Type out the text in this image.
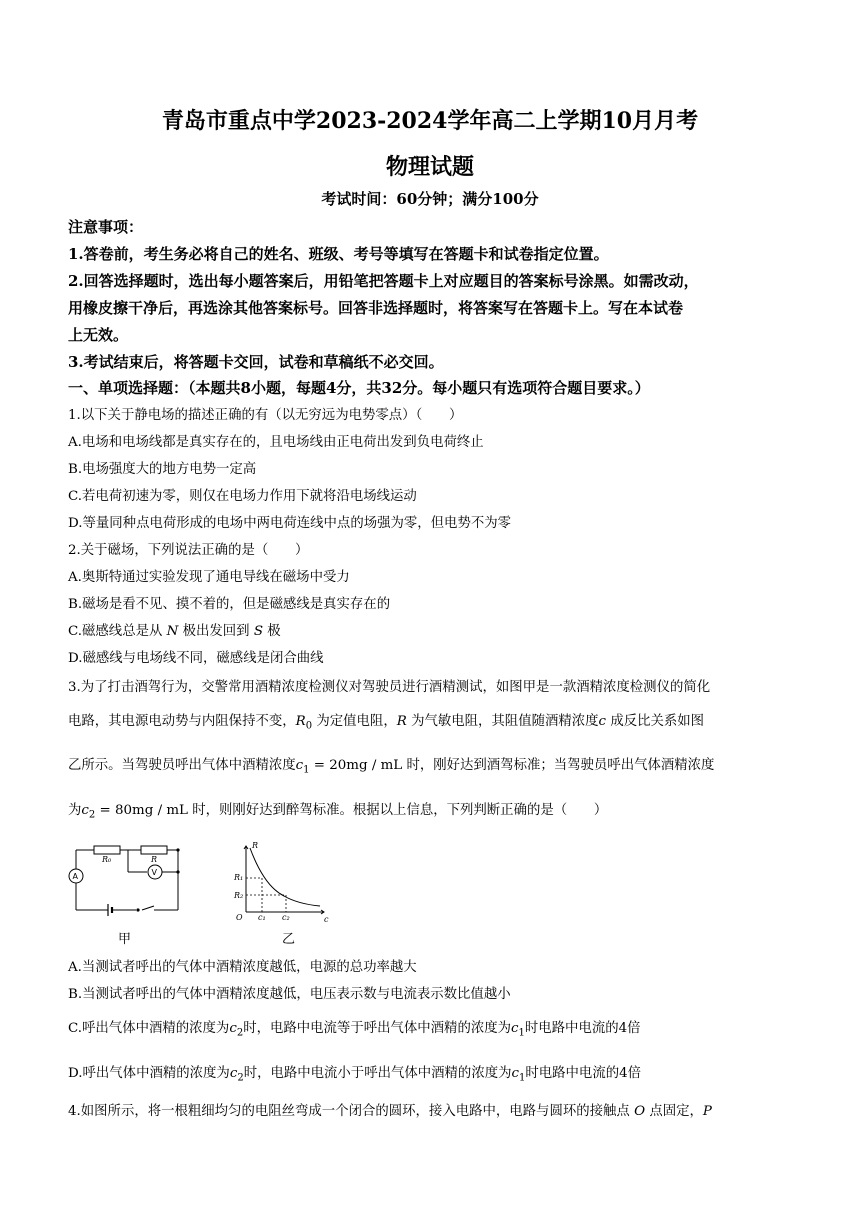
青岛市重点中学2023-2024学年高二上学期10月月考
物理试题
考试时间：60分钟；满分100分
注意事项：
1.答卷前，考生务必将自己的姓名、班级、考号等填写在答题卡和试卷指定位置。
2.回答选择题时，选出每小题答案后，用铅笔把答题卡上对应题目的答案标号涂黑。如需改动，
用橡皮擦干净后，再选涂其他答案标号。回答非选择题时，将答案写在答题卡上。写在本试卷
上无效。
3.考试结束后，将答题卡交回，试卷和草稿纸不必交回。
一、单项选择题：（本题共8小题，每题4分，共32分。每小题只有选项符合题目要求。）
1.以下关于静电场的描述正确的有（以无穷远为电势零点）（　　）
A.电场和电场线都是真实存在的，且电场线由正电荷出发到负电荷终止
B.电场强度大的地方电势一定高
C.若电荷初速为零，则仅在电场力作用下就将沿电场线运动
D.等量同种点电荷形成的电场中两电荷连线中点的场强为零，但电势不为零
2.关于磁场，下列说法正确的是（　　）
A.奥斯特通过实验发现了通电导线在磁场中受力
B.磁场是看不见、摸不着的，但是磁感线是真实存在的
C.磁感线总是从 N 极出发回到 S 极
D.磁感线与电场线不同，磁感线是闭合曲线
3.为了打击酒驾行为，交警常用酒精浓度检测仪对驾驶员进行酒精测试，如图甲是一款酒精浓度检测仪的简化
电路，其电源电动势与内阻保持不变，$R_0$ 为定值电阻，R 为气敏电阻，其阻值随酒精浓度c 成反比关系如图
乙所示。当驾驶员呼出气体中酒精浓度$c_1 = 20mg$ / mL 时，刚好达到酒驾标准；当驾驶员呼出气体酒精浓度
为$c_2 = 80mg$ / mL 时，则刚好达到醉驾标准。根据以上信息，下列判断正确的是（　　）
R₀	R
A	V
甲
R
c
O
R₁
R₂
c₁ c₂
乙
A.当测试者呼出的气体中酒精浓度越低，电源的总功率越大
B.当测试者呼出的气体中酒精浓度越低，电压表示数与电流表示数比值越小
C.呼出气体中酒精的浓度为$c_2$时，电路中电流等于呼出气体中酒精的浓度为$c_1$时电路中电流的4倍
D.呼出气体中酒精的浓度为$c_2$时，电路中电流小于呼出气体中酒精的浓度为$c_1$时电路中电流的4倍
4.如图所示，将一根粗细均匀的电阻丝弯成一个闭合的圆环，接入电路中，电路与圆环的接触点 O 点固定，P
